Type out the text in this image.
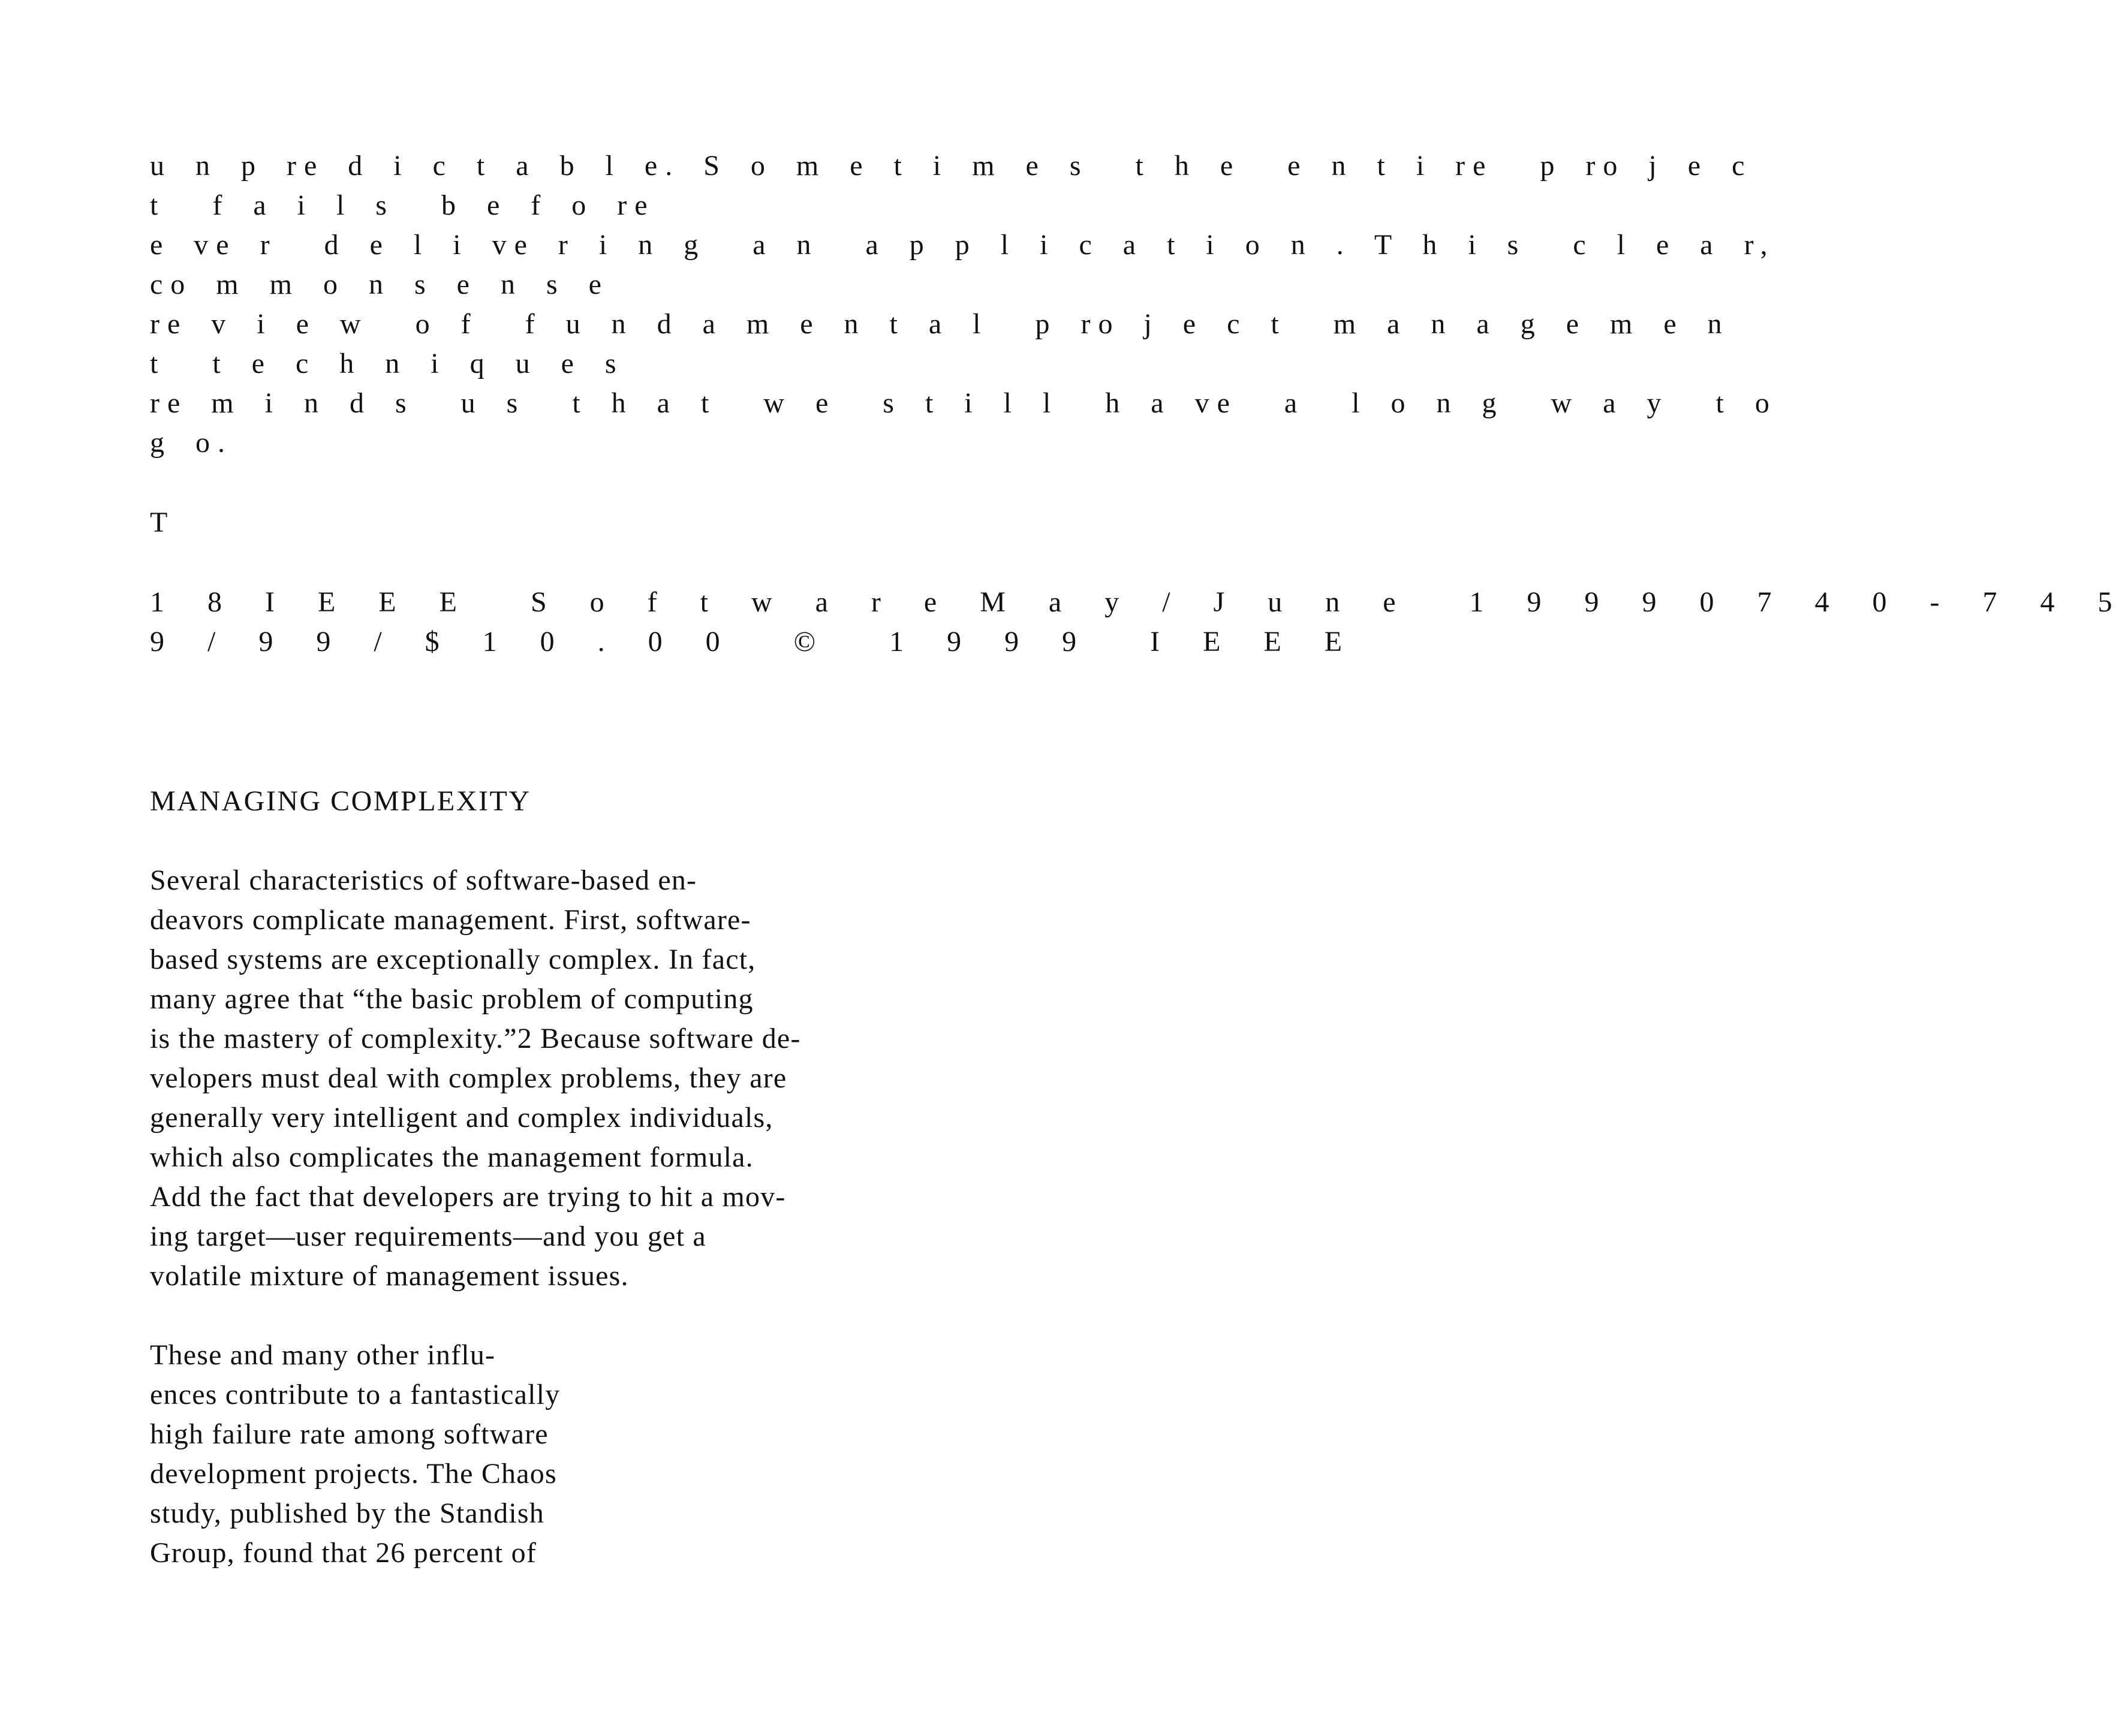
u n p re d i c t a b l e. S o m e t i m e s  t h e  e n t i re  p ro j e c
t  f a i l s  b e f o re
e ve r  d e l i ve r i n g  a n  a p p l i c a t i o n . T h i s  c l e a r,
co m m o n s e n s e
re v i e w  o f  f u n d a m e n t a l  p ro j e c t  m a n a g e m e n
t  t e c h n i q u e s
re m i n d s  u s  t h a t  w e  s t i l l  h a ve  a  l o n g  w a y  t o
g o.
T
1 8 I E E E  S o f t w a r e M a y / J u n e  1 9 9 9 0 7 4 0 - 7 4 5
9 / 9 9 / $ 1 0 . 0 0  ©  1 9 9 9  I E E E
MANAGING COMPLEXITY
Several characteristics of software-based en-
deavors complicate management. First, software-
based systems are exceptionally complex. In fact,
many agree that “the basic problem of computing
is the mastery of complexity.”2 Because software de-
velopers must deal with complex problems, they are
generally very intelligent and complex individuals,
which also complicates the management formula.
Add the fact that developers are trying to hit a mov-
ing target—user requirements—and you get a
volatile mixture of management issues.
These and many other influ-
ences contribute to a fantastically
high failure rate among software
development projects. The Chaos
study, published by the Standish
Group, found that 26 percent of
